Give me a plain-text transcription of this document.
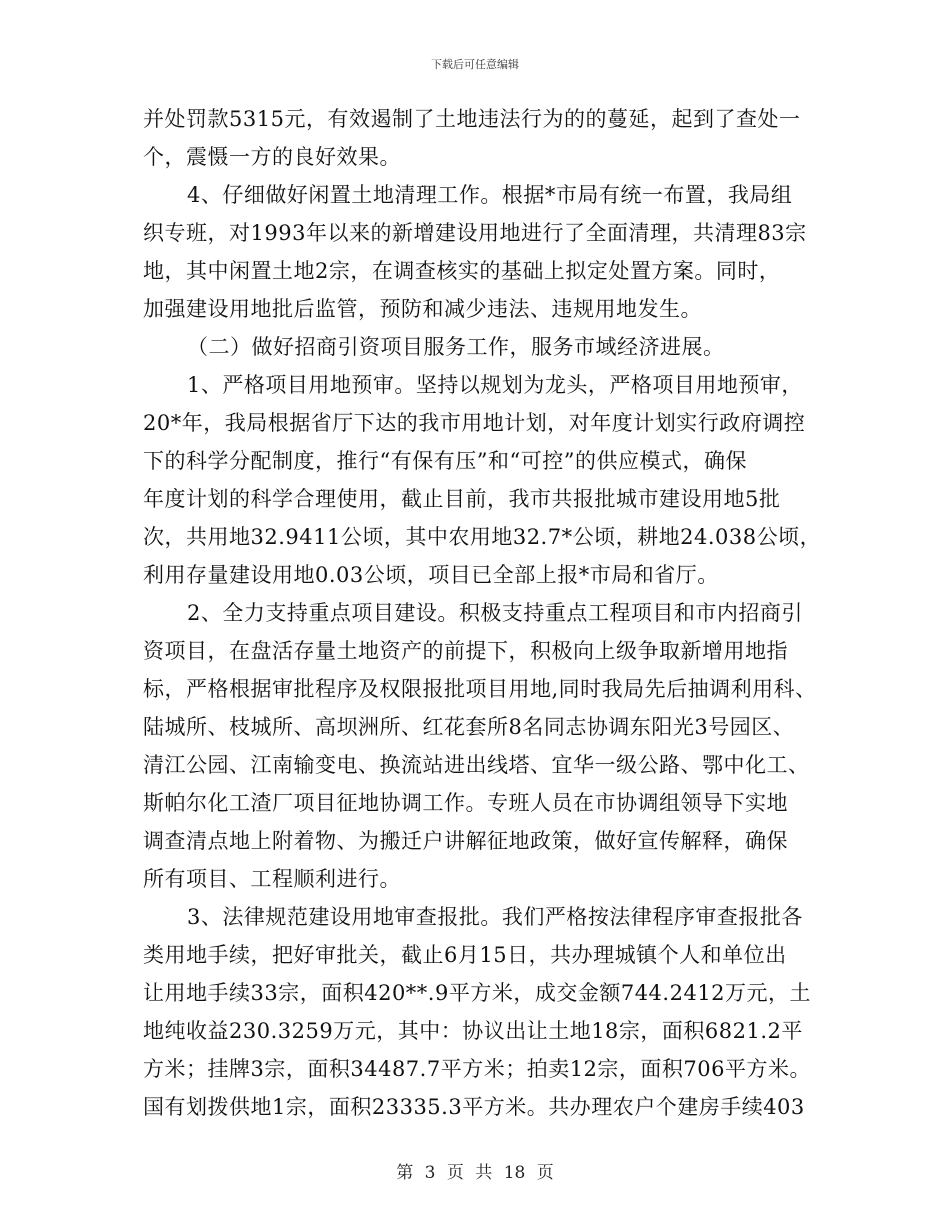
下载后可任意编辑
并处罚款5315元，有效遏制了土地违法行为的的蔓延，起到了查处一
个，震慑一方的良好效果。
4、仔细做好闲置土地清理工作。根据*市局有统一布置，我局组
织专班，对1993年以来的新增建设用地进行了全面清理，共清理83宗
地，其中闲置土地2宗，在调查核实的基础上拟定处置方案。同时，
加强建设用地批后监管，预防和减少违法、违规用地发生。
（二）做好招商引资项目服务工作，服务市域经济进展。
1、严格项目用地预审。坚持以规划为龙头，严格项目用地预审，
20*年，我局根据省厅下达的我市用地计划，对年度计划实行政府调控
下的科学分配制度，推行“有保有压”和“可控”的供应模式，确保
年度计划的科学合理使用，截止目前，我市共报批城市建设用地5批
次，共用地32.9411公顷，其中农用地32.7*公顷，耕地24.038公顷，
利用存量建设用地0.03公顷，项目已全部上报*市局和省厅。
2、全力支持重点项目建设。积极支持重点工程项目和市内招商引
资项目，在盘活存量土地资产的前提下，积极向上级争取新增用地指
标，严格根据审批程序及权限报批项目用地,同时我局先后抽调利用科、
陆城所、枝城所、高坝洲所、红花套所8名同志协调东阳光3号园区、
清江公园、江南输变电、换流站进出线塔、宜华一级公路、鄂中化工、
斯帕尔化工渣厂项目征地协调工作。专班人员在市协调组领导下实地
调查清点地上附着物、为搬迁户讲解征地政策，做好宣传解释，确保
所有项目、工程顺利进行。
3、法律规范建设用地审查报批。我们严格按法律程序审查报批各
类用地手续，把好审批关，截止6月15日，共办理城镇个人和单位出
让用地手续33宗，面积420**.9平方米，成交金额744.2412万元，土
地纯收益230.3259万元，其中：协议出让土地18宗，面积6821.2平
方米；挂牌3宗，面积34487.7平方米；拍卖12宗，面积706平方米。
国有划拨供地1宗，面积23335.3平方米。共办理农户个建房手续403
第 3 页 共 18 页
